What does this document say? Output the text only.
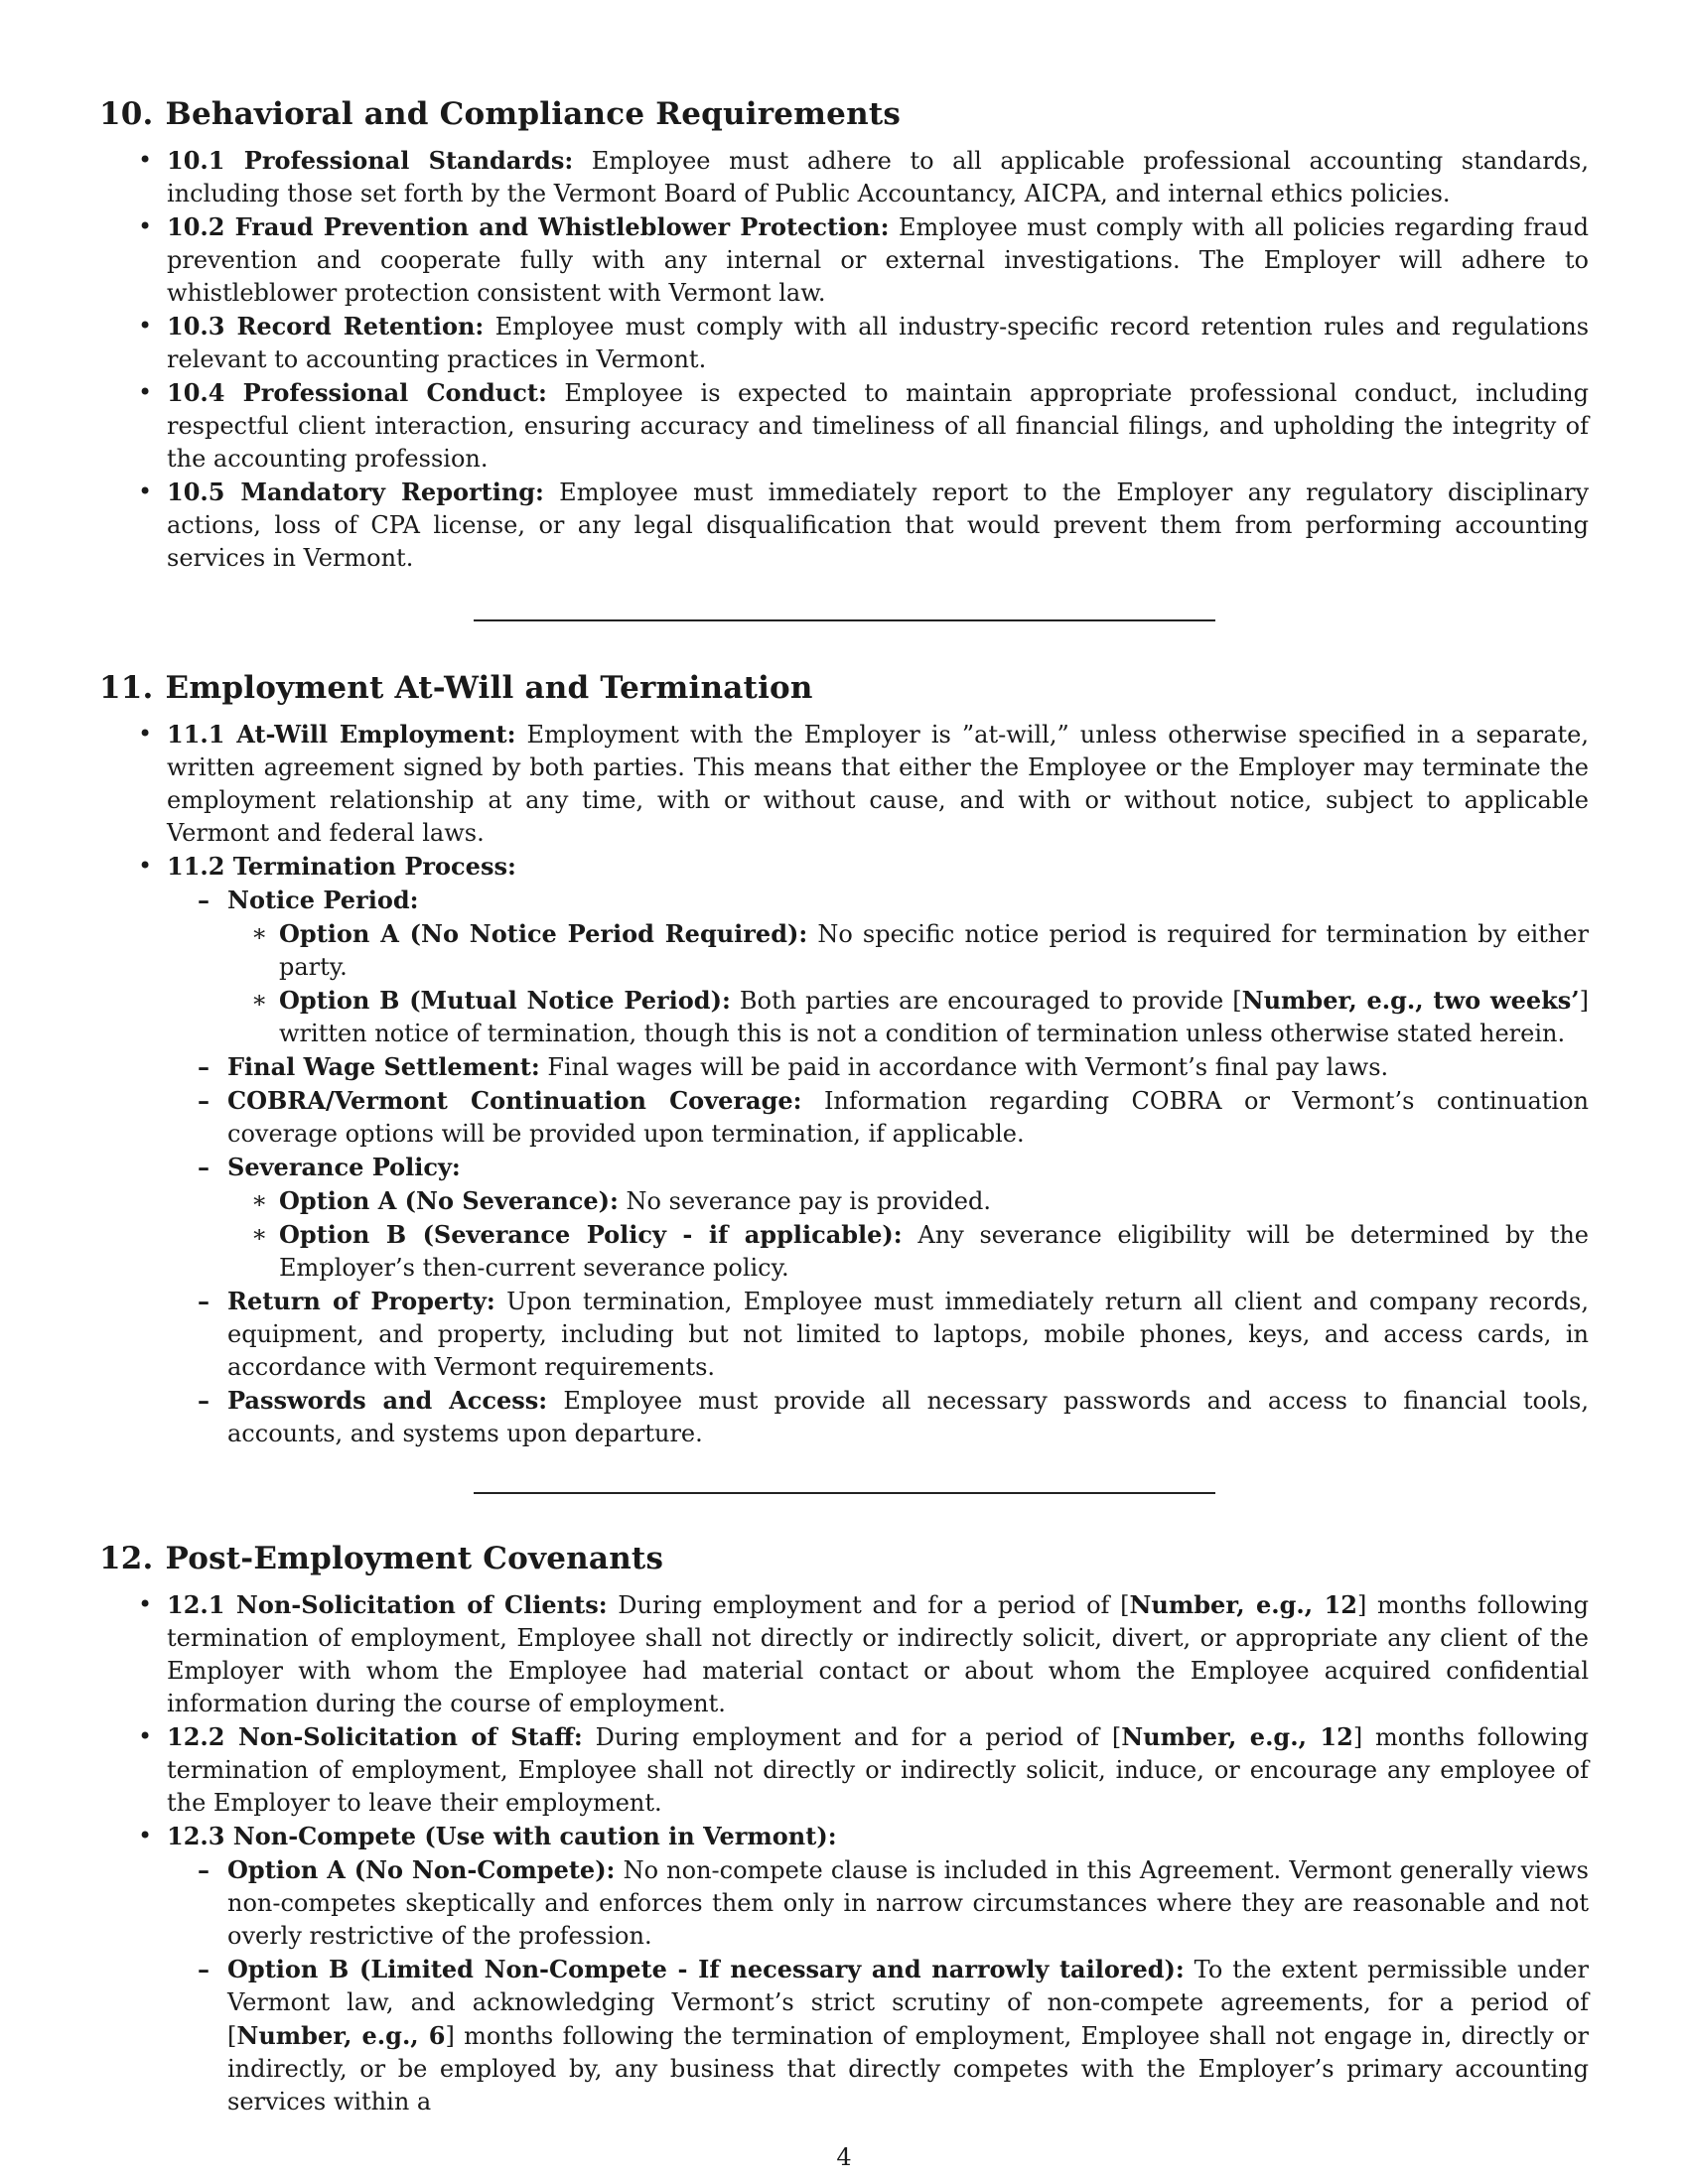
10. Behavioral and Compliance Requirements
• 10.1 Professional Standards: Employee must adhere to all applicable professional accounting standards, including those set forth by the Vermont Board of Public Accountancy, AICPA, and internal ethics policies.
• 10.2 Fraud Prevention and Whistleblower Protection: Employee must comply with all policies regarding fraud prevention and cooperate fully with any internal or external investigations. The Employer will adhere to whistleblower protection consistent with Vermont law.
• 10.3 Record Retention: Employee must comply with all industry-specific record retention rules and regulations relevant to accounting practices in Vermont.
• 10.4 Professional Conduct: Employee is expected to maintain appropriate professional conduct, including respectful client interaction, ensuring accuracy and timeliness of all financial filings, and upholding the integrity of the accounting profession.
• 10.5 Mandatory Reporting: Employee must immediately report to the Employer any regulatory disciplinary actions, loss of CPA license, or any legal disqualification that would prevent them from performing accounting services in Vermont.
11. Employment At-Will and Termination
• 11.1 At-Will Employment: Employment with the Employer is ”at-will,” unless otherwise specified in a separate, written agreement signed by both parties. This means that either the Employee or the Employer may terminate the employment relationship at any time, with or without cause, and with or without notice, subject to applicable Vermont and federal laws.
• 11.2 Termination Process:
– Notice Period:
∗ Option A (No Notice Period Required): No specific notice period is required for termination by either party.
∗ Option B (Mutual Notice Period): Both parties are encouraged to provide [Number, e.g., two weeks’] written notice of termination, though this is not a condition of termination unless otherwise stated herein.
– Final Wage Settlement: Final wages will be paid in accordance with Vermont’s final pay laws.
– COBRA/Vermont Continuation Coverage: Information regarding COBRA or Vermont’s continuation coverage options will be provided upon termination, if applicable.
– Severance Policy:
∗ Option A (No Severance): No severance pay is provided.
∗ Option B (Severance Policy - if applicable): Any severance eligibility will be determined by the Employer’s then-current severance policy.
– Return of Property: Upon termination, Employee must immediately return all client and company records, equipment, and property, including but not limited to laptops, mobile phones, keys, and access cards, in accordance with Vermont requirements.
– Passwords and Access: Employee must provide all necessary passwords and access to financial tools, accounts, and systems upon departure.
12. Post-Employment Covenants
• 12.1 Non-Solicitation of Clients: During employment and for a period of [Number, e.g., 12] months following termination of employment, Employee shall not directly or indirectly solicit, divert, or appropriate any client of the Employer with whom the Employee had material contact or about whom the Employee acquired confidential information during the course of employment.
• 12.2 Non-Solicitation of Staff: During employment and for a period of [Number, e.g., 12] months following termination of employment, Employee shall not directly or indirectly solicit, induce, or encourage any employee of the Employer to leave their employment.
• 12.3 Non-Compete (Use with caution in Vermont):
– Option A (No Non-Compete): No non-compete clause is included in this Agreement. Vermont generally views non-competes skeptically and enforces them only in narrow circumstances where they are reasonable and not overly restrictive of the profession.
– Option B (Limited Non-Compete - If necessary and narrowly tailored): To the extent permissible under Vermont law, and acknowledging Vermont’s strict scrutiny of non-compete agreements, for a period of [Number, e.g., 6] months following the termination of employment, Employee shall not engage in, directly or indirectly, or be employed by, any business that directly competes with the Employer’s primary accounting services within a
4
